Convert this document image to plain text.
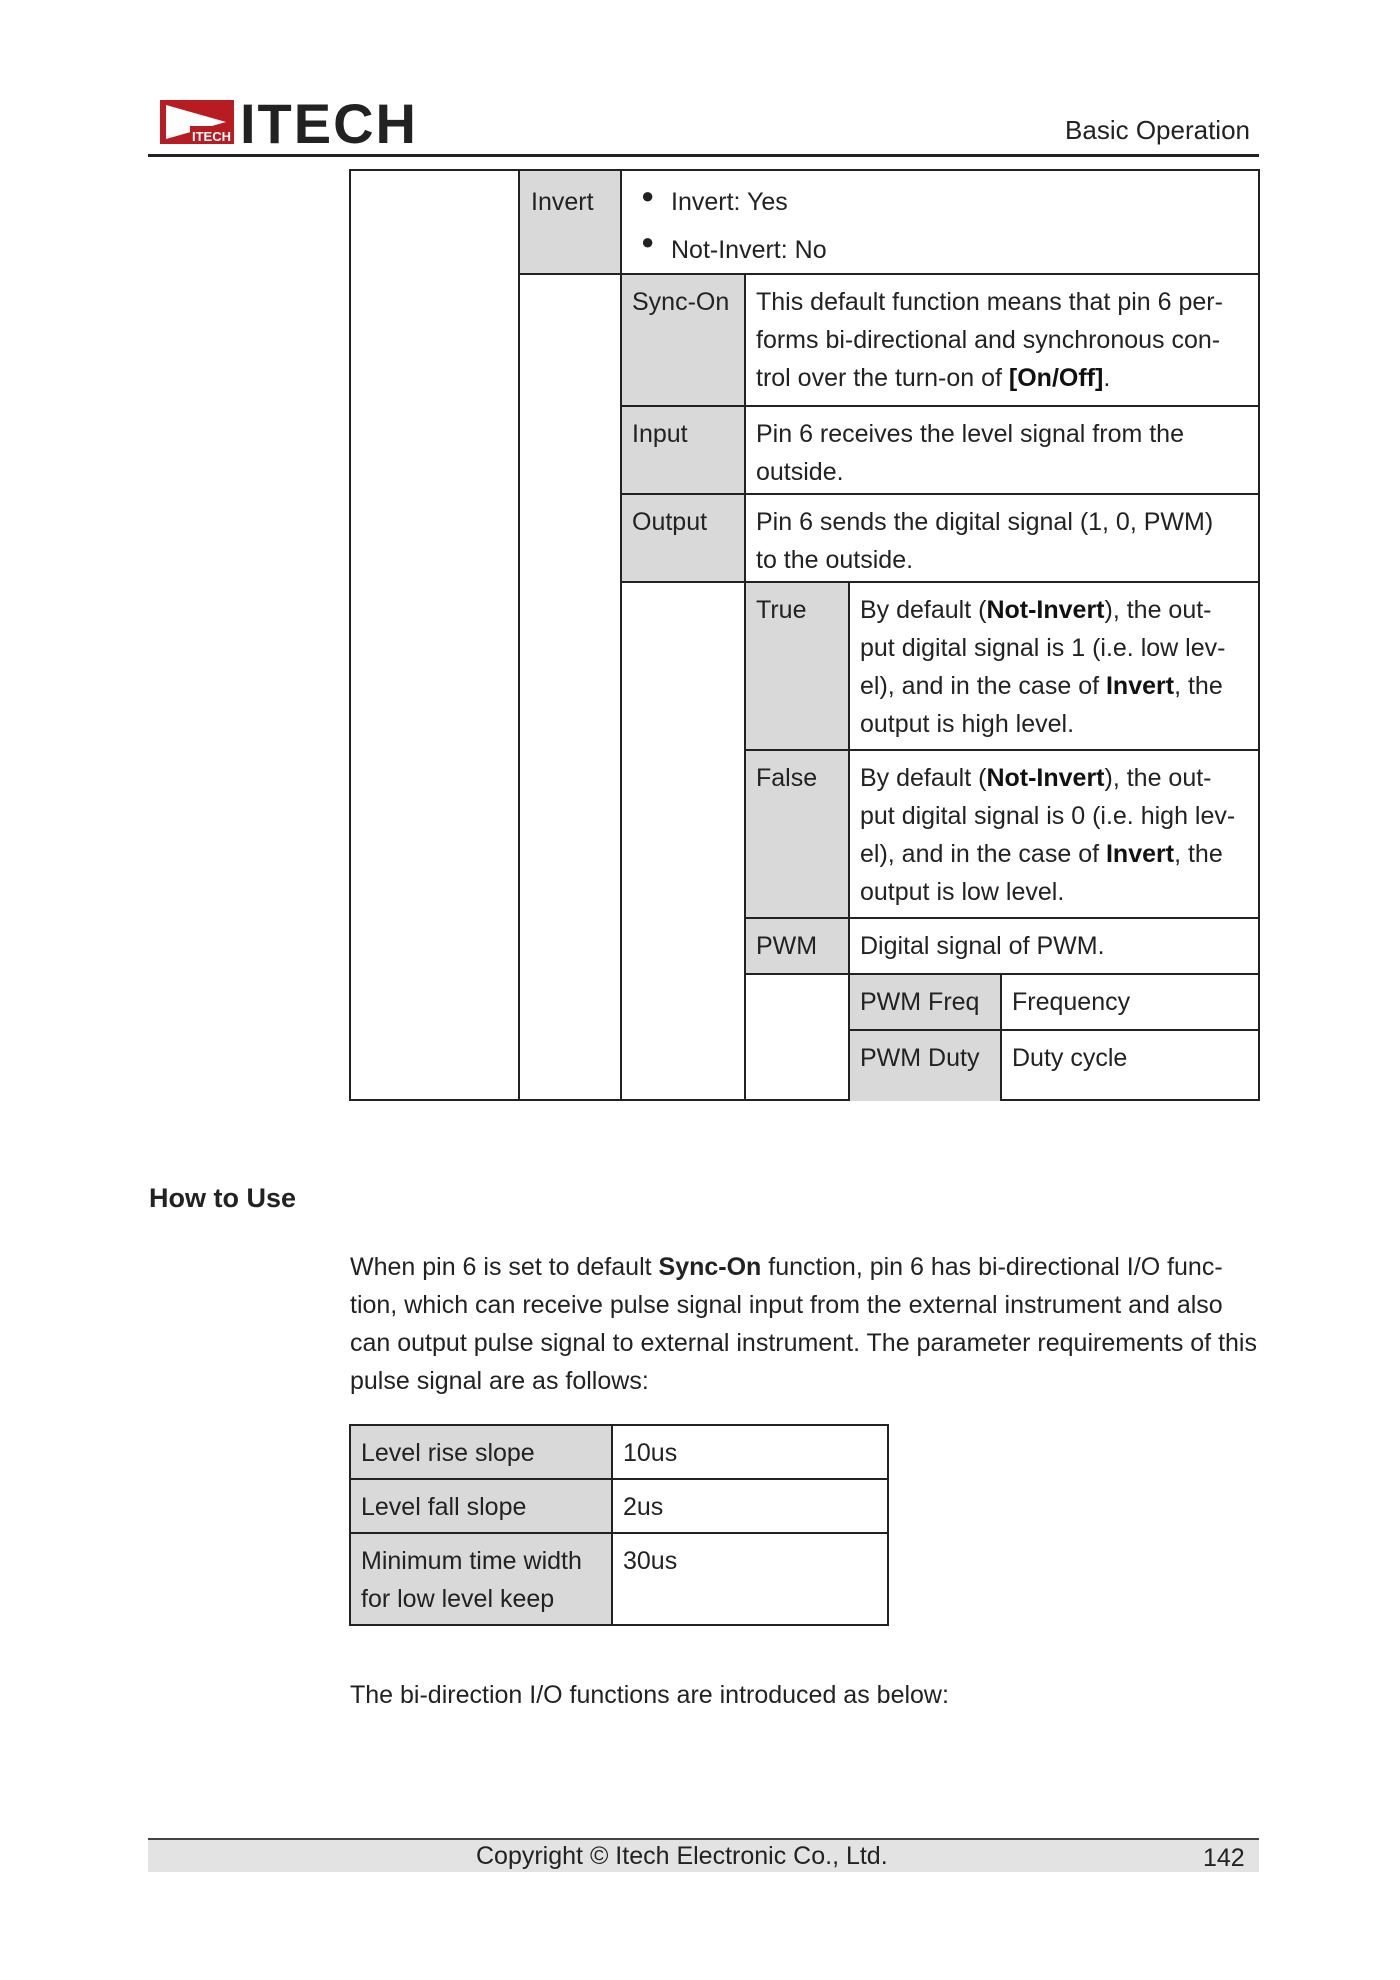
ITECH ITECH	Basic Operation
Invert ● Invert: Yes
● Not-Invert: No
Sync-On This default function means that pin 6 per-
forms bi-directional and synchronous con-
trol over the turn-on of [On/Off].
Input	Pin 6 receives the level signal from the
outside.
Output Pin 6 sends the digital signal (1, 0, PWM)
to the outside.
True By default (Not-Invert), the out-
put digital signal is 1 (i.e. low lev-
el), and in the case of Invert, the
output is high level.
False By default (Not-Invert), the out-
put digital signal is 0 (i.e. high lev-
el), and in the case of Invert, the
output is low level.
PWM Digital signal of PWM.
PWM Freq Frequency
PWM Duty Duty cycle
How to Use
When pin 6 is set to default Sync-On function, pin 6 has bi-directional I/O func- tion, which can receive pulse signal input from the external instrument and also can output pulse signal to external instrument. The parameter requirements of this pulse signal are as follows:
Level rise slope	10us
Level fall slope	2us
Minimum time width for low level keep	30us
The bi-direction I/O functions are introduced as below:
Copyright © Itech Electronic Co., Ltd.	142
